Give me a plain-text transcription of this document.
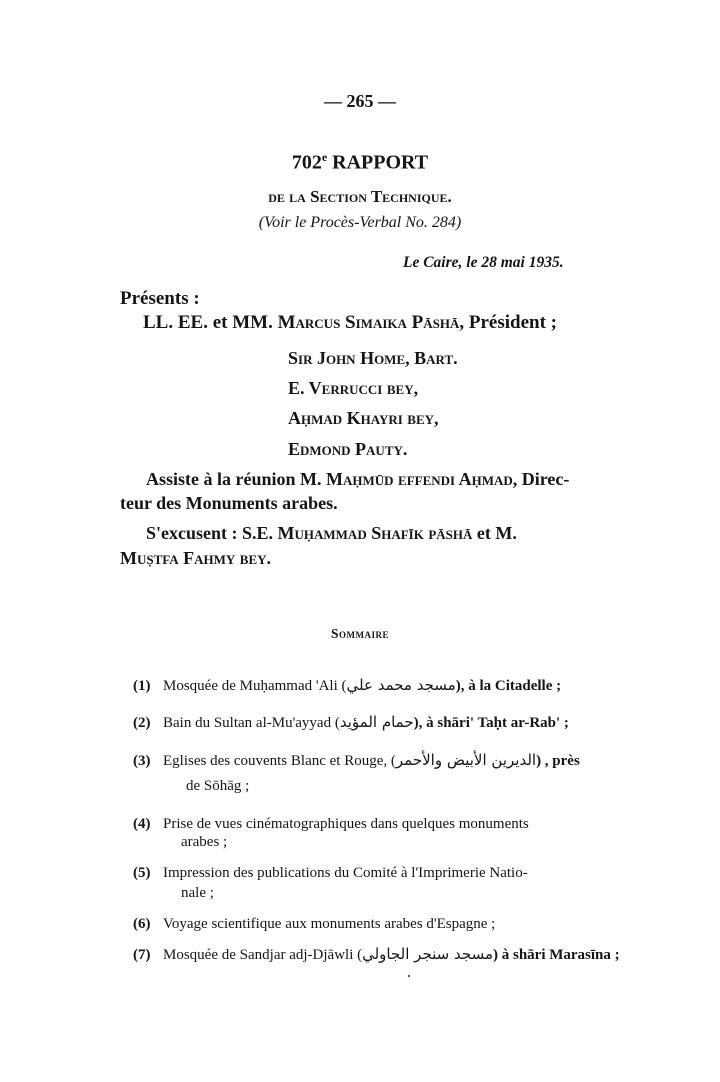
— 265 —
702e RAPPORT
de la Section Technique.
(Voir le Procès-Verbal No. 284)
Le Caire, le 28 mai 1935.
Présents :
LL. EE. et MM. Marcus Simaika Pāshā, Président ;
Sir John Home, Bart.
E. Verrucci bey,
Aḥmad Khayri bey,
Edmond Pauty.
Assiste à la réunion M. Maḥmūd effendi Aḥmad, Direc-
teur des Monuments arabes.
S'excusent : S.E. Muḥammad Shafīk pāshā et M.
Muṣtfa Fahmy bey.
Sommaire
(1) Mosquée de Muḥammad 'Ali (مسجد محمد علي), à la Citadelle ;
(2) Bain du Sultan al-Mu'ayyad (حمام المؤيد), à shāri' Taḥt ar-Rab' ;
(3) Eglises des couvents Blanc et Rouge, (الديرين الأبيض والأحمر) , près
de Sōhāg ;
(4) Prise de vues cinématographiques dans quelques monuments
arabes ;
(5) Impression des publications du Comité à l'Imprimerie Natio-
nale ;
(6) Voyage scientifique aux monuments arabes d'Espagne ;
(7) Mosquée de Sandjar adj-Djāwli (مسجد سنجر الجاولي) à shāri Marasīna ;
